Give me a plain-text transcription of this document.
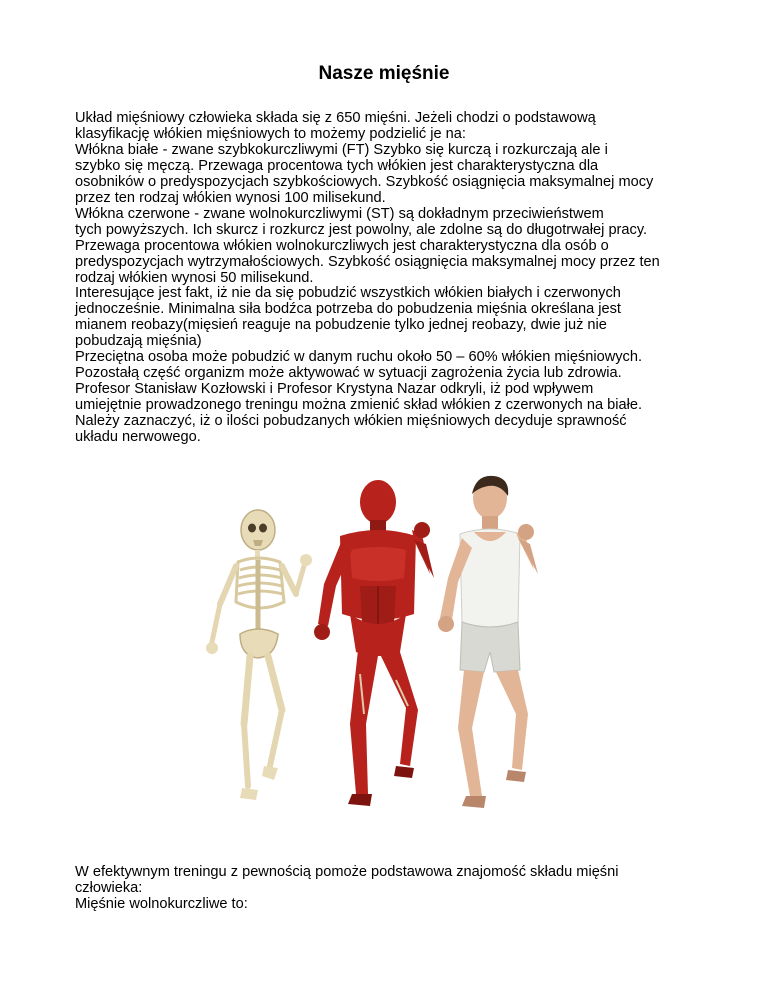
Nasze mięśnie
Układ mięśniowy człowieka składa się z 650 mięśni. Jeżeli chodzi o podstawową
klasyfikację włókien mięśniowych to możemy podzielić je na:
Włókna białe - zwane szybkokurczliwymi (FT) Szybko się kurczą i rozkurczają ale i
szybko się męczą. Przewaga procentowa tych włókien jest charakterystyczna dla
osobników o predyspozycjach szybkościowych. Szybkość osiągnięcia maksymalnej mocy
przez ten rodzaj włókien wynosi 100 milisekund.
Włókna czerwone - zwane wolnokurczliwymi (ST) są dokładnym przeciwieństwem
tych powyższych. Ich skurcz i rozkurcz jest powolny, ale zdolne są do długotrwałej pracy.
Przewaga procentowa włókien wolnokurczliwych jest charakterystyczna dla osób o
predyspozycjach wytrzymałościowych. Szybkość osiągnięcia maksymalnej mocy przez ten
rodzaj włókien wynosi 50 milisekund.
Interesujące jest fakt, iż nie da się pobudzić wszystkich włókien białych i czerwonych
jednocześnie. Minimalna siła bodźca potrzeba do pobudzenia mięśnia określana jest
mianem reobazy(mięsień reaguje na pobudzenie tylko jednej reobazy, dwie już nie
pobudzają mięśnia)
Przeciętna osoba może pobudzić w danym ruchu około 50 – 60% włókien mięśniowych.
Pozostałą część organizm może aktywować w sytuacji zagrożenia życia lub zdrowia.
Profesor Stanisław Kozłowski i Profesor Krystyna Nazar odkryli, iż pod wpływem
umiejętnie prowadzonego treningu można zmienić skład włókien z czerwonych na białe.
Należy zaznaczyć, iż o ilości pobudzanych włókien mięśniowych decyduje sprawność
układu nerwowego.
W efektywnym treningu z pewnością pomoże podstawowa znajomość składu mięśni
człowieka:
Mięśnie wolnokurczliwe to:
